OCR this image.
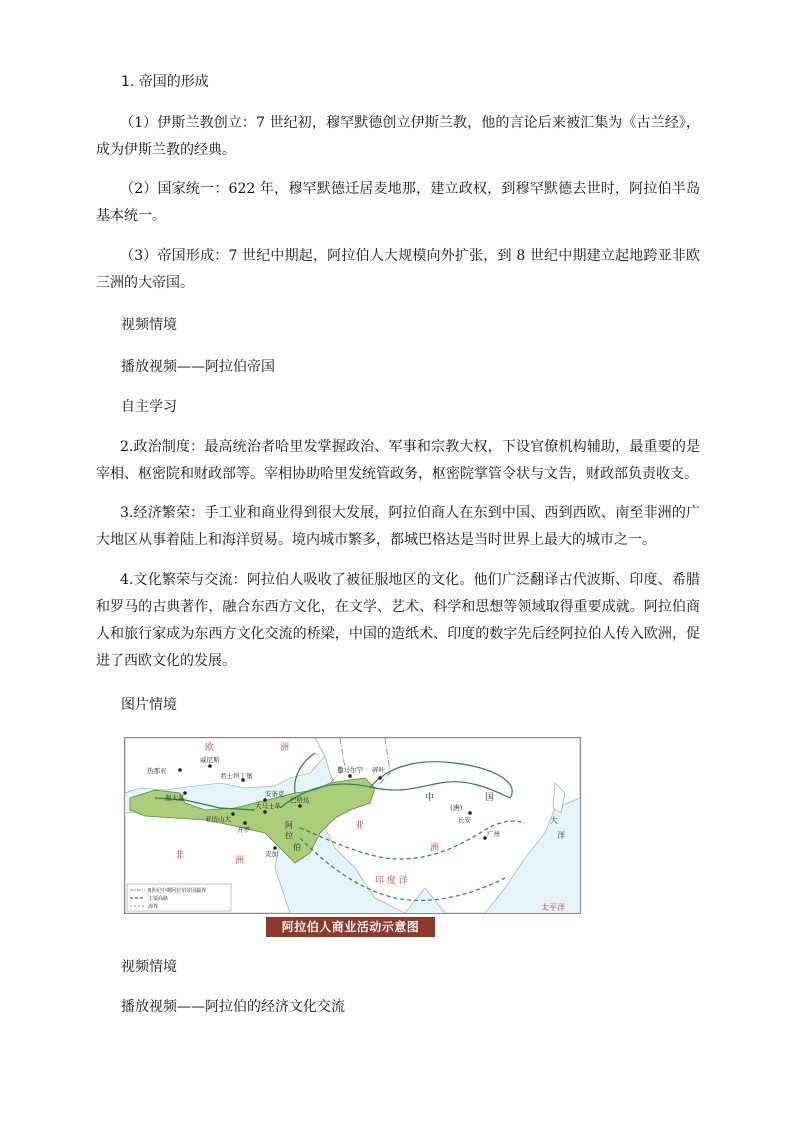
1. 帝国的形成

（1）伊斯兰教创立：7 世纪初，穆罕默德创立伊斯兰教，他的言论后来被汇集为《古兰经》，成为伊斯兰教的经典。

（2）国家统一：622 年，穆罕默德迁居麦地那，建立政权，到穆罕默德去世时，阿拉伯半岛基本统一。

（3）帝国形成：7 世纪中期起，阿拉伯人大规模向外扩张，到 8 世纪中期建立起地跨亚非欧三洲的大帝国。

视频情境
播放视频——阿拉伯帝国
自主学习

2.政治制度：最高统治者哈里发掌握政治、军事和宗教大权，下设官僚机构辅助，最重要的是宰相、枢密院和财政部等。宰相协助哈里发统管政务，枢密院掌管令状与文告，财政部负责收支。

3.经济繁荣：手工业和商业得到很大发展，阿拉伯商人在东到中国、西到西欧、南至非洲的广大地区从事着陆上和海洋贸易。境内城市繁多，都城巴格达是当时世界上最大的城市之一。

4.文化繁荣与交流：阿拉伯人吸收了被征服地区的文化。他们广泛翻译古代波斯、印度、希腊和罗马的古典著作，融合东西方文化，在文学、艺术、科学和思想等领域取得重要成就。阿拉伯商人和旅行家成为东西方文化交流的桥梁，中国的造纸术、印度的数字先后经阿拉伯人传入欧洲，促进了西欧文化的发展。

图片情境
欧	洲
亚
洲
非	洲
中	国
(唐)
阿
拉
伯
印 度 洋
太平洋
大
洋
威尼斯
君士坦丁堡
热那亚
迦太基	安条克
亚历山大
大马士革
巴格达
开罗
撒马尔罕 碎叶
长安
广州
麦加
8世纪中期阿拉伯帝国疆界
主要商路
海界
阿拉伯人商业活动示意图
视频情境
播放视频——阿拉伯的经济文化交流
